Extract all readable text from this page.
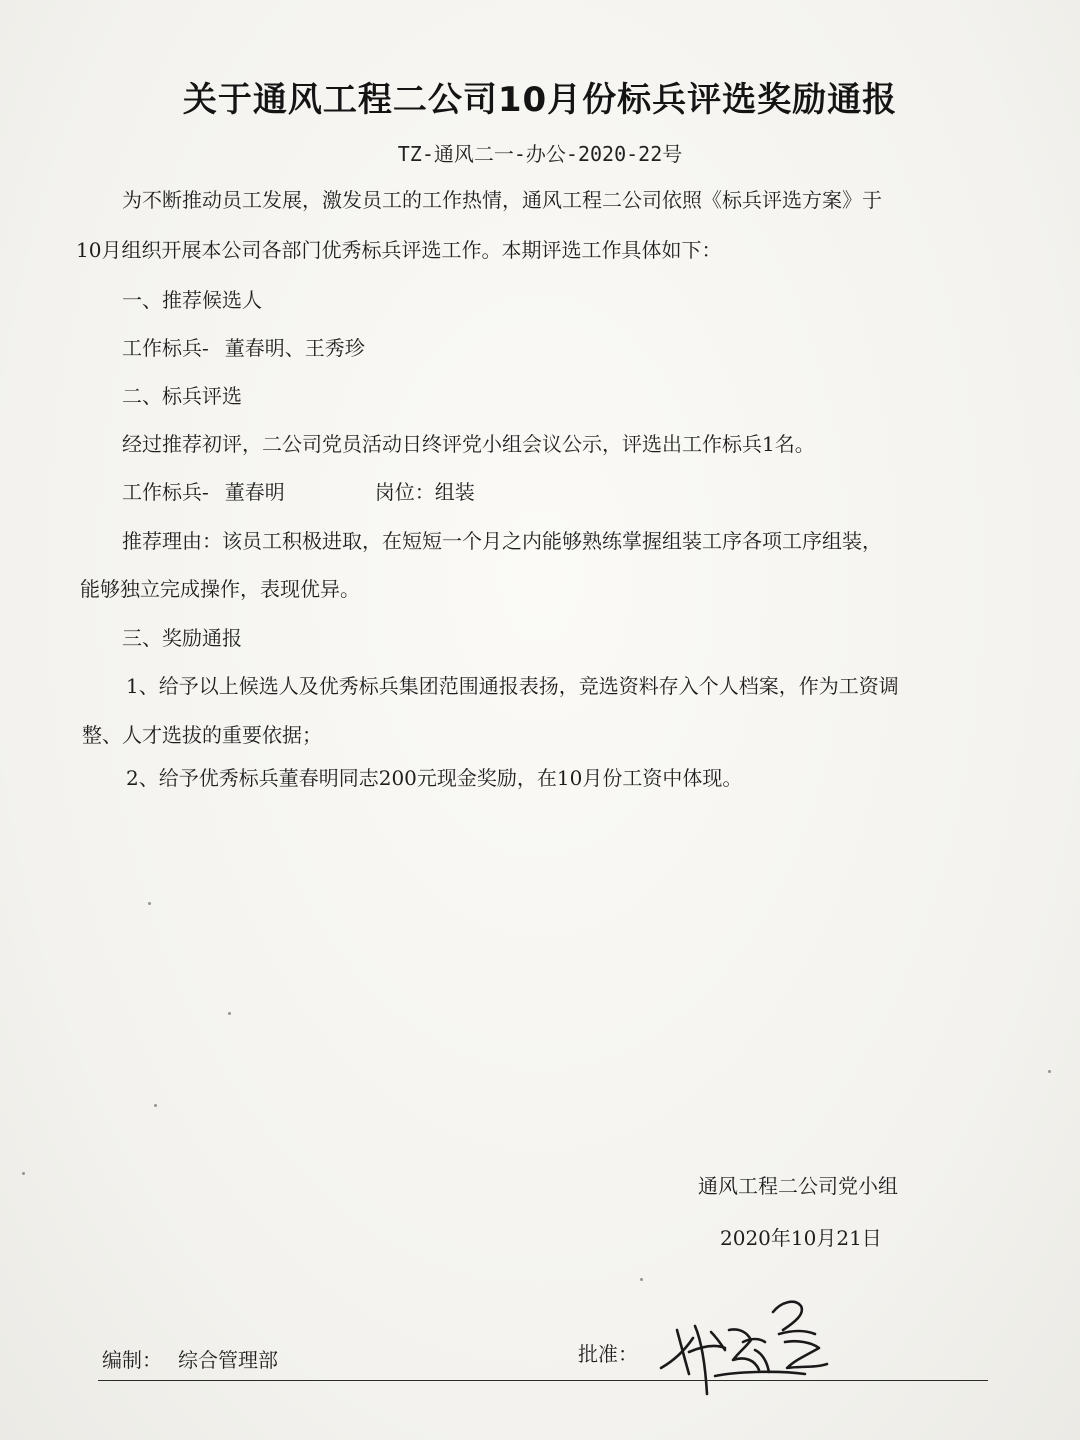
关于通风工程二公司10月份标兵评选奖励通报
TZ-通风二一-办公-2020-22号
为不断推动员工发展，激发员工的工作热情，通风工程二公司依照《标兵评选方案》于
10月组织开展本公司各部门优秀标兵评选工作。本期评选工作具体如下：
一、推荐候选人
工作标兵- 董春明、王秀珍
二、标兵评选
经过推荐初评，二公司党员活动日终评党小组会议公示，评选出工作标兵1名。
工作标兵- 董春明	岗位：组装
推荐理由：该员工积极进取，在短短一个月之内能够熟练掌握组装工序各项工序组装，
能够独立完成操作，表现优异。
三、奖励通报
1、给予以上候选人及优秀标兵集团范围通报表扬，竞选资料存入个人档案，作为工资调
整、人才选拔的重要依据；
2、给予优秀标兵董春明同志200元现金奖励，在10月份工资中体现。
通风工程二公司党小组
2020年10月21日
编制： 综合管理部	批准：
